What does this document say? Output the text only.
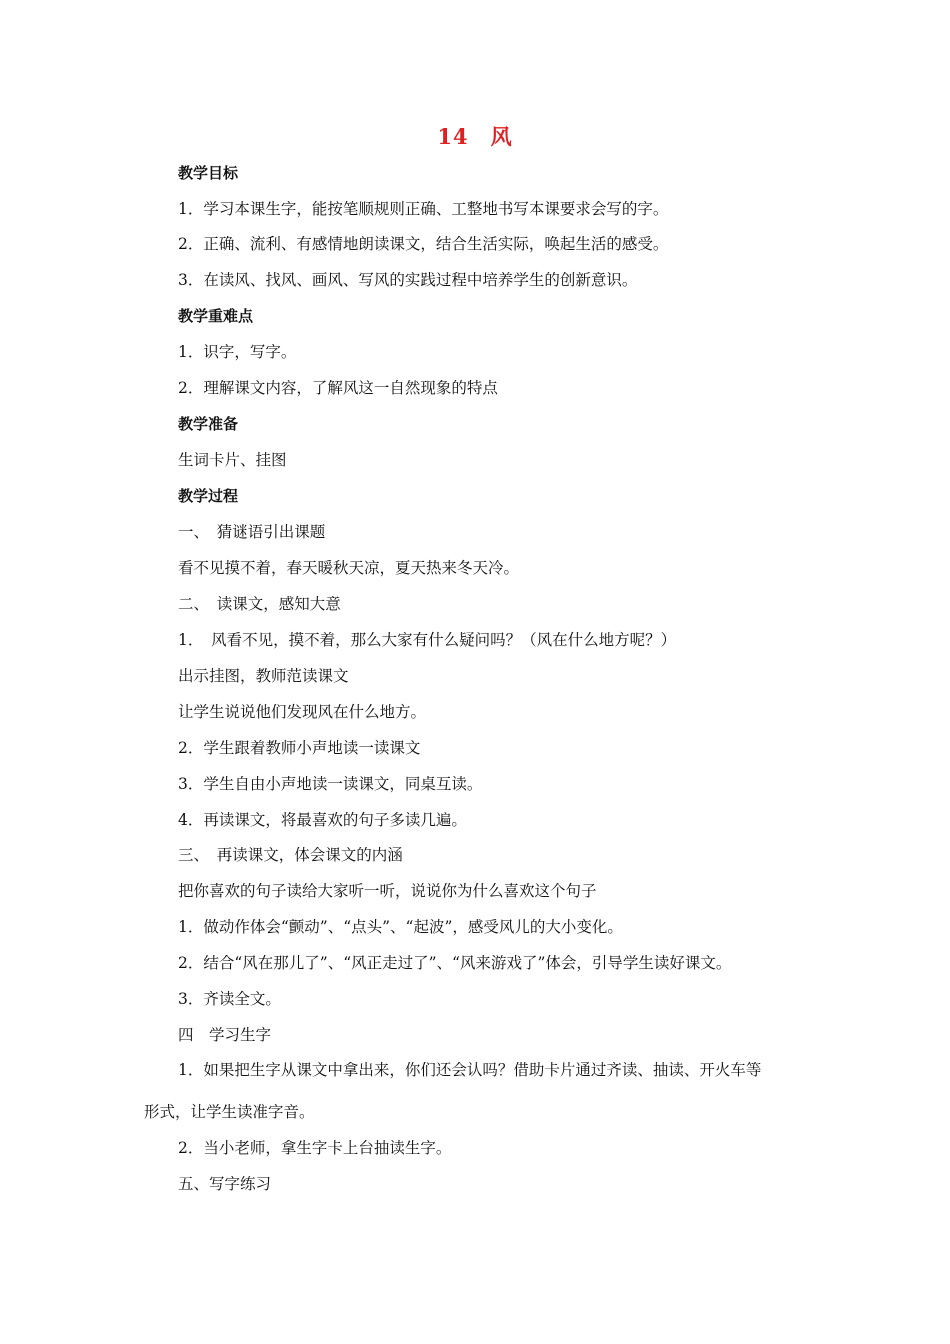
14　风
教学目标
1．学习本课生字，能按笔顺规则正确、工整地书写本课要求会写的字。
2．正确、流利、有感情地朗读课文，结合生活实际，唤起生活的感受。
3．在读风、找风、画风、写风的实践过程中培养学生的创新意识。
教学重难点
1．识字，写字。
2．理解课文内容，了解风这一自然现象的特点
教学准备
生词卡片、挂图
教学过程
一、　猜谜语引出课题
看不见摸不着，春天暖秋天凉，夏天热来冬天冷。
二、　读课文，感知大意
1．　风看不见，摸不着，那么大家有什么疑问吗？（风在什么地方呢？）
出示挂图，教师范读课文
让学生说说他们发现风在什么地方。
2．学生跟着教师小声地读一读课文
3．学生自由小声地读一读课文，同桌互读。
4．再读课文，将最喜欢的句子多读几遍。
三、　再读课文，体会课文的内涵
把你喜欢的句子读给大家听一听，说说你为什么喜欢这个句子
1．做动作体会“颤动”、“点头”、“起波”，感受风儿的大小变化。
2．结合“风在那儿了”、“风正走过了”、“风来游戏了”体会，引导学生读好课文。
3．齐读全文。
四　学习生字
1．如果把生字从课文中拿出来，你们还会认吗？借助卡片通过齐读、抽读、开火车等
形式，让学生读准字音。
2．当小老师，拿生字卡上台抽读生字。
五、写字练习
